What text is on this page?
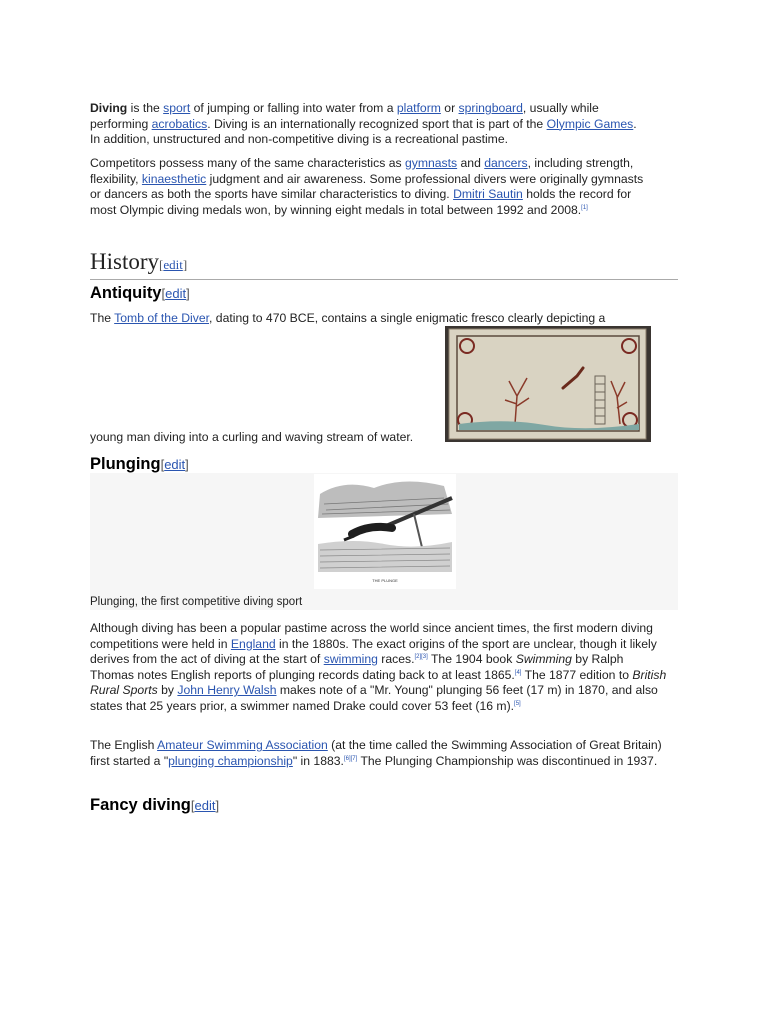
Diving is the sport of jumping or falling into water from a platform or springboard, usually while performing acrobatics. Diving is an internationally recognized sport that is part of the Olympic Games. In addition, unstructured and non-competitive diving is a recreational pastime.

Competitors possess many of the same characteristics as gymnasts and dancers, including strength, flexibility, kinaesthetic judgment and air awareness. Some professional divers were originally gymnasts or dancers as both the sports have similar characteristics to diving. Dmitri Sautin holds the record for most Olympic diving medals won, by winning eight medals in total between 1992 and 2008.[1]

History[edit]
Antiquity[edit]

The Tomb of the Diver, dating to 470 BCE, contains a single enigmatic fresco clearly depicting a

young man diving into a curling and waving stream of water.

Plunging[edit]
THE PLUNGE

Plunging, the first competitive diving sport

Although diving has been a popular pastime across the world since ancient times, the first modern diving competitions were held in England in the 1880s. The exact origins of the sport are unclear, though it likely derives from the act of diving at the start of swimming races.[2][3] The 1904 book Swimming by Ralph Thomas notes English reports of plunging records dating back to at least 1865.[4] The 1877 edition to British Rural Sports by John Henry Walsh makes note of a "Mr. Young" plunging 56 feet (17 m) in 1870, and also states that 25 years prior, a swimmer named Drake could cover 53 feet (16 m).[5]

The English Amateur Swimming Association (at the time called the Swimming Association of Great Britain) first started a "plunging championship" in 1883.[6][7] The Plunging Championship was discontinued in 1937.

Fancy diving[edit]
